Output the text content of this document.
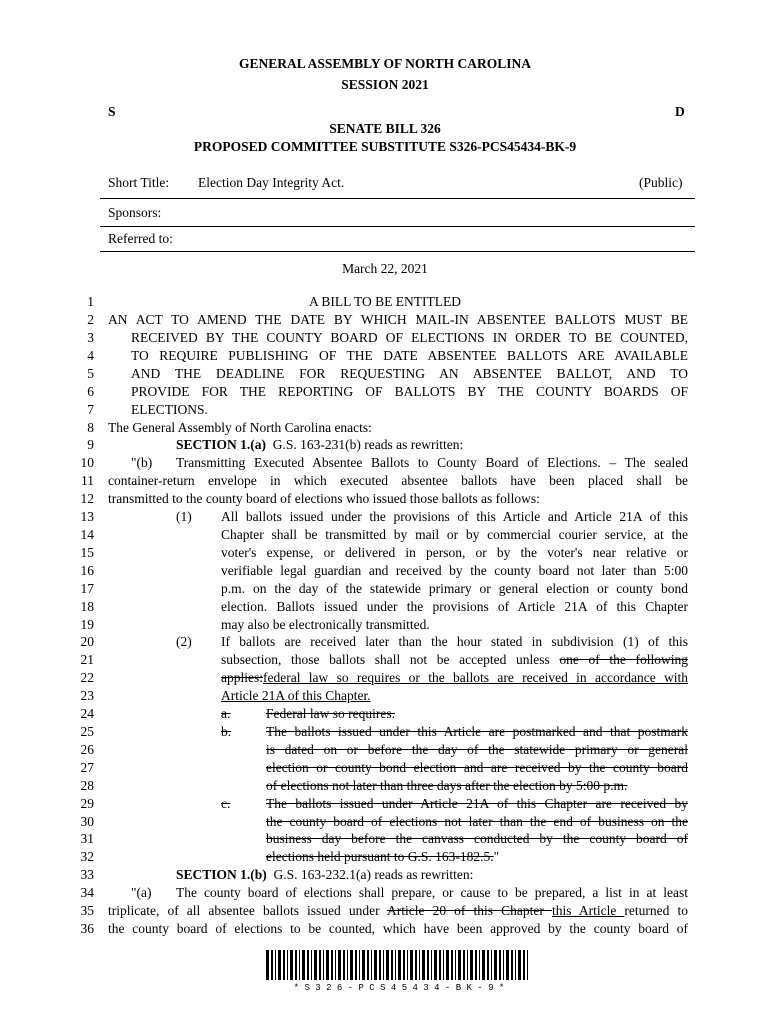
GENERAL ASSEMBLY OF NORTH CAROLINA
SESSION 2021
S	D
SENATE BILL 326
PROPOSED COMMITTEE SUBSTITUTE S326-PCS45434-BK-9
Short Title: Election Day Integrity Act.	(Public)
Sponsors:
Referred to:
March 22, 2021
1
2
3
4
5
6
7
8
9
10
11
12
13
14
15
16
17
18
19
20
21
22
23
24
25
26
27
28
29
30
31
32
33
34
35
36
A BILL TO BE ENTITLED
AN ACT TO AMEND THE DATE BY WHICH MAIL-IN ABSENTEE BALLOTS MUST BE
RECEIVED BY THE COUNTY BOARD OF ELECTIONS IN ORDER TO BE COUNTED,
TO REQUIRE PUBLISHING OF THE DATE ABSENTEE BALLOTS ARE AVAILABLE
AND THE DEADLINE FOR REQUESTING AN ABSENTEE BALLOT, AND TO
PROVIDE FOR THE REPORTING OF BALLOTS BY THE COUNTY BOARDS OF
ELECTIONS.
The General Assembly of North Carolina enacts:
SECTION 1.(a)  G.S. 163-231(b) reads as rewritten:
"(b) Transmitting Executed Absentee Ballots to County Board of Elections. – The sealed
container-return envelope in which executed absentee ballots have been placed shall be
transmitted to the county board of elections who issued those ballots as follows:
(1) All ballots issued under the provisions of this Article and Article 21A of this
Chapter shall be transmitted by mail or by commercial courier service, at the
voter's expense, or delivered in person, or by the voter's near relative or
verifiable legal guardian and received by the county board not later than 5:00
p.m. on the day of the statewide primary or general election or county bond
election. Ballots issued under the provisions of Article 21A of this Chapter
may also be electronically transmitted.
(2) If ballots are received later than the hour stated in subdivision (1) of this
subsection, those ballots shall not be accepted unless one of the following
applies:federal law so requires or the ballots are received in accordance with
Article 21A of this Chapter.
a.	Federal law so requires.
b.	The ballots issued under this Article are postmarked and that postmark
is dated on or before the day of the statewide primary or general
election or county bond election and are received by the county board
of elections not later than three days after the election by 5:00 p.m.
c.	The ballots issued under Article 21A of this Chapter are received by
the county board of elections not later than the end of business on the
business day before the canvass conducted by the county board of
elections held pursuant to G.S. 163-182.5."
SECTION 1.(b)  G.S. 163-232.1(a) reads as rewritten:
"(a) The county board of elections shall prepare, or cause to be prepared, a list in at least
triplicate, of all absentee ballots issued under Article 20 of this Chapter this Article returned to
the county board of elections to be counted, which have been approved by the county board of
* S 3 2 6 - P C S 4 5 4 3 4 - B K - 9 *
